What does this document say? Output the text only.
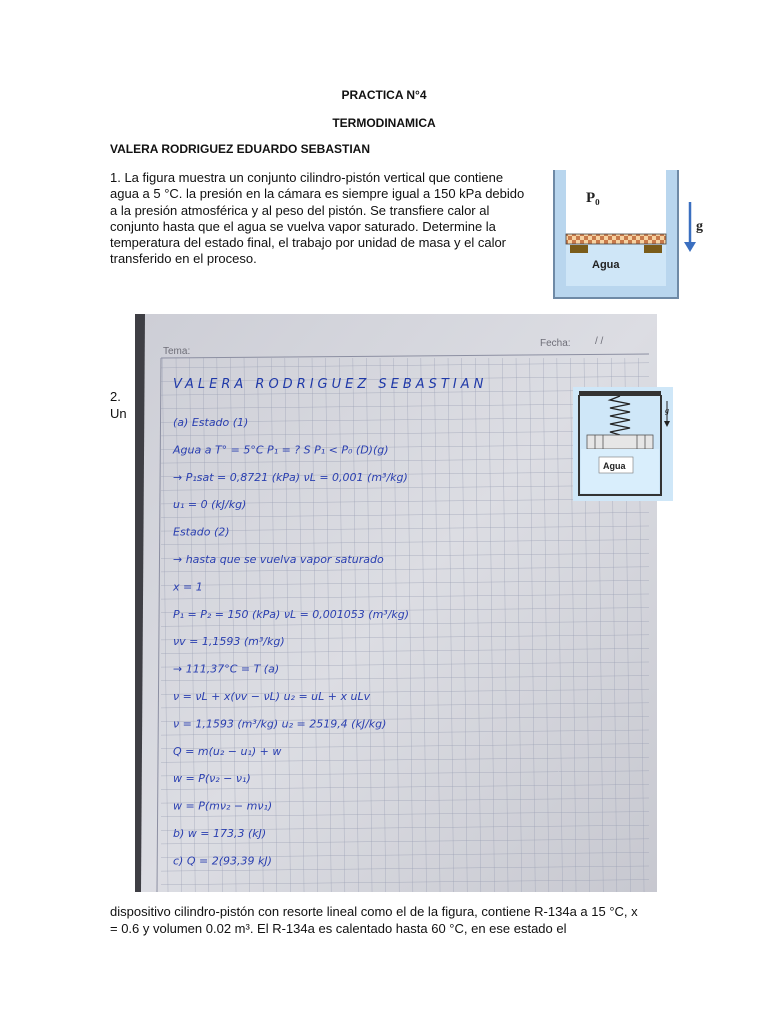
PRACTICA N°4
TERMODINAMICA
VALERA RODRIGUEZ EDUARDO SEBASTIAN
1. La figura muestra un conjunto cilindro-pistón vertical que contiene agua a 5 °C. la presión en la cámara es siempre igual a 150 kPa debido a la presión atmosférica y al peso del pistón. Se transfiere calor al conjunto hasta que el agua se vuelva vapor saturado. Determine la temperatura del estado final, el trabajo por unidad de masa y el calor transferido en el proceso.
P₀
Agua
g
2.
Un
Tema:
Fecha: / /
VALERA RODRIGUEZ SEBASTIAN
(a) Estado (1)
Agua a T° = 5°C P₁ = ? S P₁ < P₀ (D)(g)
→ P₁sat = 0,8721 (kPa) νL = 0,001 (m³/kg)
u₁ = 0 (kJ/kg)
Estado (2)
→ hasta que se vuelva vapor saturado
x = 1
P₁ = P₂ = 150 (kPa) νL = 0,001053 (m³/kg)
νv = 1,1593 (m³/kg)
→ 111,37°C = T (a)
ν = νL + x(νv − νL) u₂ = uL + x uLv
ν = 1,1593 (m³/kg) u₂ = 2519,4 (kJ/kg)
Q = m(u₂ − u₁) + w
w = P(ν₂ − ν₁)
w = P(mν₂ − mν₁)
b) w = 173,3 (kJ)
c) Q = 2(93,39 kJ)
Agua
g
dispositivo cilindro-pistón con resorte lineal como el de la figura, contiene R-134a a 15 °C, x = 0.6 y volumen 0.02 m³. El R-134a es calentado hasta 60 °C, en ese estado el
